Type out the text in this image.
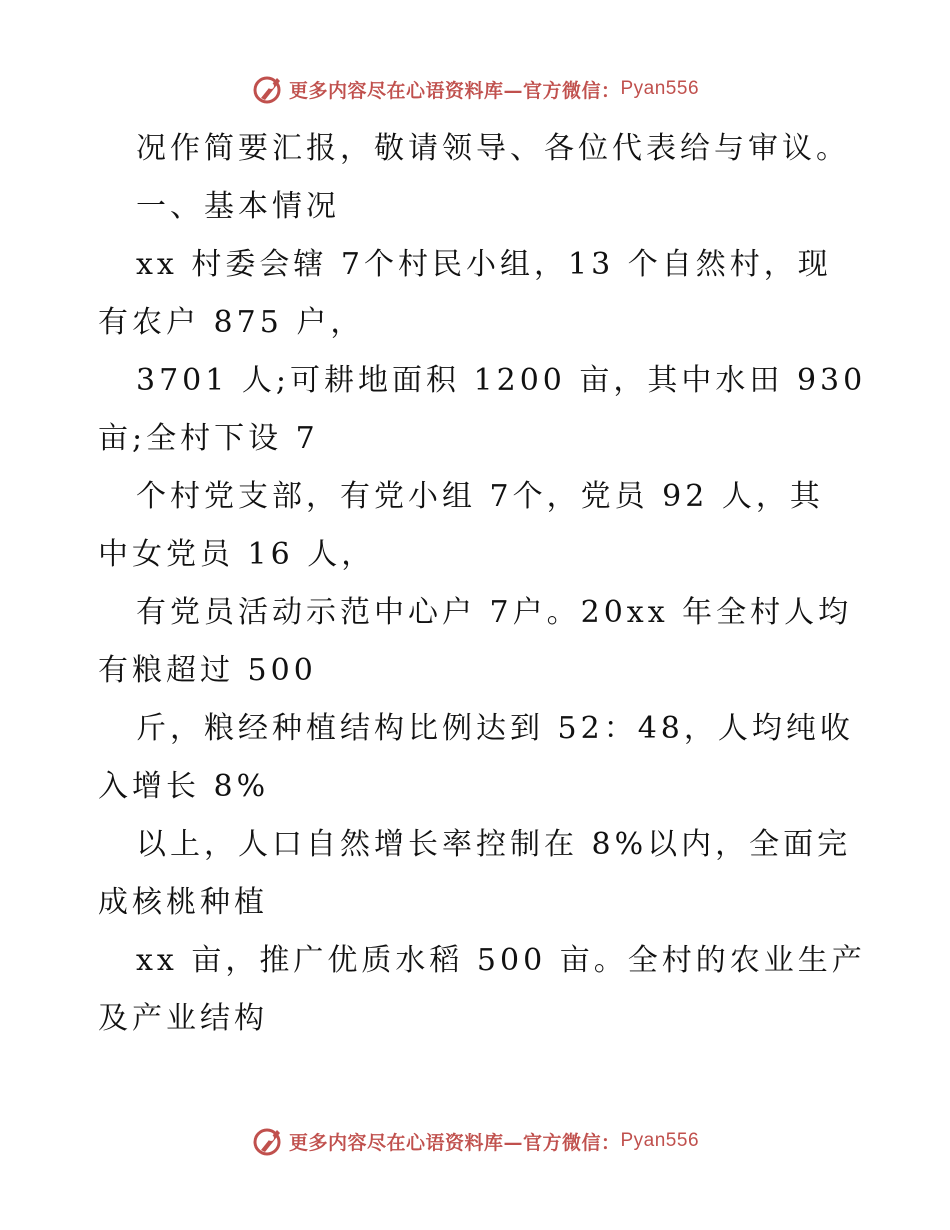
更多内容尽在心语资料库—官方微信： Pyan556
况作简要汇报，敬请领导、各位代表给与审议。
一、基本情况
xx 村委会辖 7个村民小组，13 个自然村，现
有农户 875 户，
3701 人;可耕地面积 1200 亩，其中水田 930
亩;全村下设 7
个村党支部，有党小组 7个，党员 92 人，其
中女党员 16 人，
有党员活动示范中心户 7户。20xx 年全村人均
有粮超过 500
斤，粮经种植结构比例达到 52：48，人均纯收
入增长 8%
以上，人口自然增长率控制在 8%以内，全面完
成核桃种植
xx 亩，推广优质水稻 500 亩。全村的农业生产
及产业结构
更多内容尽在心语资料库—官方微信： Pyan556
